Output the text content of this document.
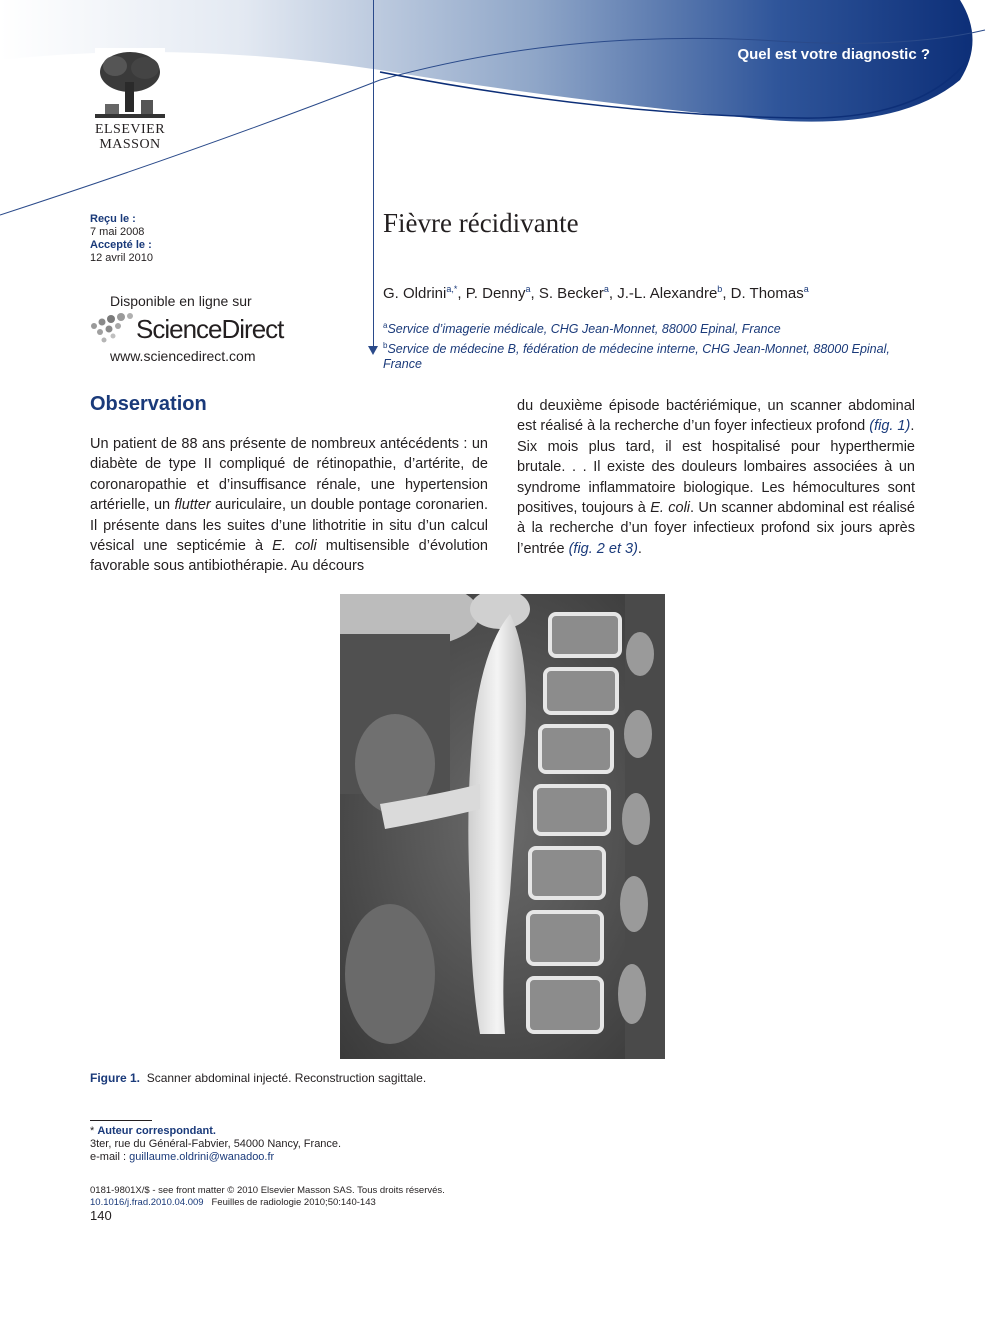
Quel est votre diagnostic ?
ELSEVIER
MASSON
Reçu le :
7 mai 2008
Accepté le :
12 avril 2010
Disponible en ligne sur
ScienceDirect
www.sciencedirect.com
Fièvre récidivante
G. Oldrini$^{a,*}$, P. Denny$^a$, S. Becker$^a$, J.-L. Alexandre$^b$, D. Thomas$^a$
$^a$Service d’imagerie médicale, CHG Jean-Monnet, 88000 Epinal, France
$^b$Service de médecine B, fédération de médecine interne, CHG Jean-Monnet, 88000 Epinal, France
Observation

Un patient de 88 ans présente de nombreux antécédents : un diabète de type II compliqué de rétinopathie, d’artérite, de coronaropathie et d’insuffisance rénale, une hypertension artérielle, un flutter auriculaire, un double pontage coronarien. Il présente dans les suites d’une lithotritie in situ d’un calcul vésical une septicémie à E. coli multisensible d’évolution favorable sous antibiothérapie. Au décours

du deuxième épisode bactériémique, un scanner abdominal est réalisé à la recherche d’un foyer infectieux profond (fig. 1).

Six mois plus tard, il est hospitalisé pour hyperthermie brutale. . . Il existe des douleurs lombaires associées à un syndrome inflammatoire biologique. Les hémocultures sont positives, toujours à E. coli. Un scanner abdominal est réalisé à la recherche d’un foyer infectieux profond six jours après l’entrée (fig. 2 et 3).

Figure 1. Scanner abdominal injecté. Reconstruction sagittale.
* Auteur correspondant.
3ter, rue du Général-Fabvier, 54000 Nancy, France.
e-mail : guillaume.oldrini@wanadoo.fr
0181-9801X/$ - see front matter © 2010 Elsevier Masson SAS. Tous droits réservés.
10.1016/j.frad.2010.04.009 Feuilles de radiologie 2010;50:140-143
140
